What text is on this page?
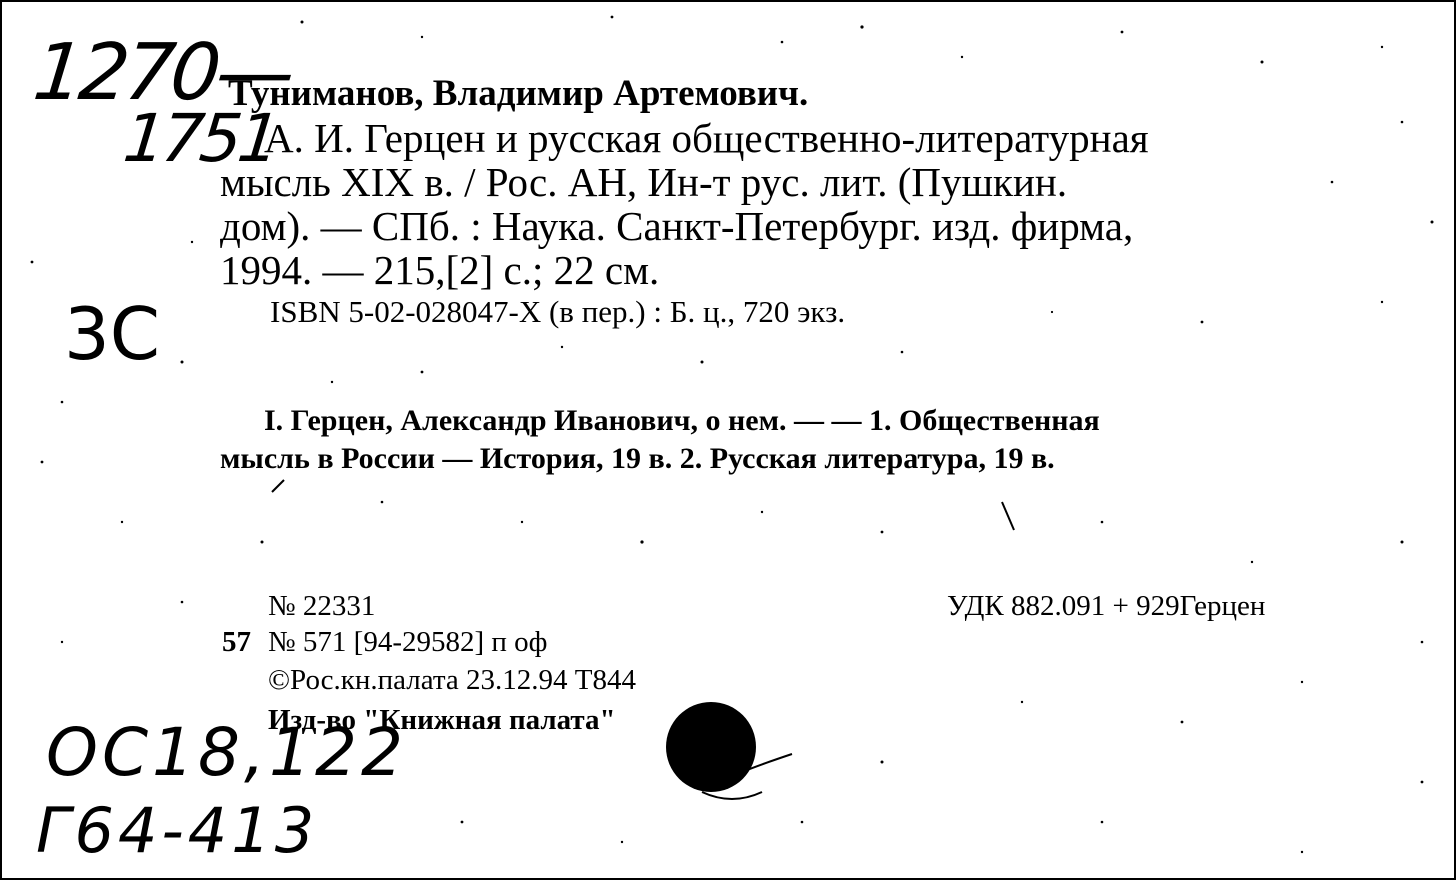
1270—
1751
Туниманов, Владимир Артемович.
А. И. Герцен и русская общественно-литературная
мысль XIX в. / Рос. АН, Ин-т рус. лит. (Пушкин.
дом). — СПб. : Наука. Санкт-Петербург. изд. фирма,
1994. — 215,[2] с.; 22 см.
3С	ISBN 5-02-028047-X (в пер.) : Б. ц., 720 экз.
I. Герцен, Александр Иванович, о нем. — — 1. Общественная
мысль в России — История, 19 в. 2. Русская литература, 19 в.
№ 22331	УДК 882.091 + 929Герцен
57 № 571 [94-29582] п оф
©Рос.кн.палата 23.12.94 Т844
Изд-во "Книжная палата"
ОС18,122
Г64-413
